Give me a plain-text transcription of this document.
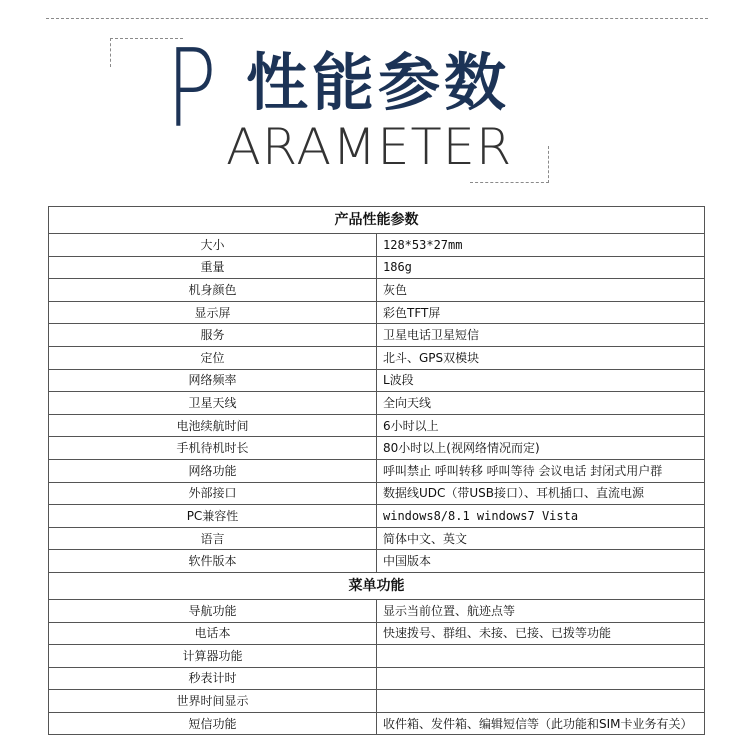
P 性能参数
ARAMETER
产品性能参数	
大小	128*53*27mm
重量	186g
机身颜色	灰色
显示屏	彩色TFT屏
服务	卫星电话卫星短信
定位	北斗、GPS双模块
网络频率	L波段
卫星天线	全向天线
电池续航时间	6小时以上
手机待机时长	80小时以上(视网络情况而定)
网络功能	呼叫禁止 呼叫转移 呼叫等待 会议电话 封闭式用户群
外部接口	数据线UDC（带USB接口）、耳机插口、直流电源
PC兼容性	windows8/8.1 windows7 Vista
语言	简体中文、英文
软件版本	中国版本
菜单功能	
导航功能	显示当前位置、航迹点等
电话本	快速拨号、群组、未接、已接、已拨等功能
计算器功能	
秒表计时	
世界时间显示	
短信功能	收件箱、发件箱、编辑短信等（此功能和SIM卡业务有关）
